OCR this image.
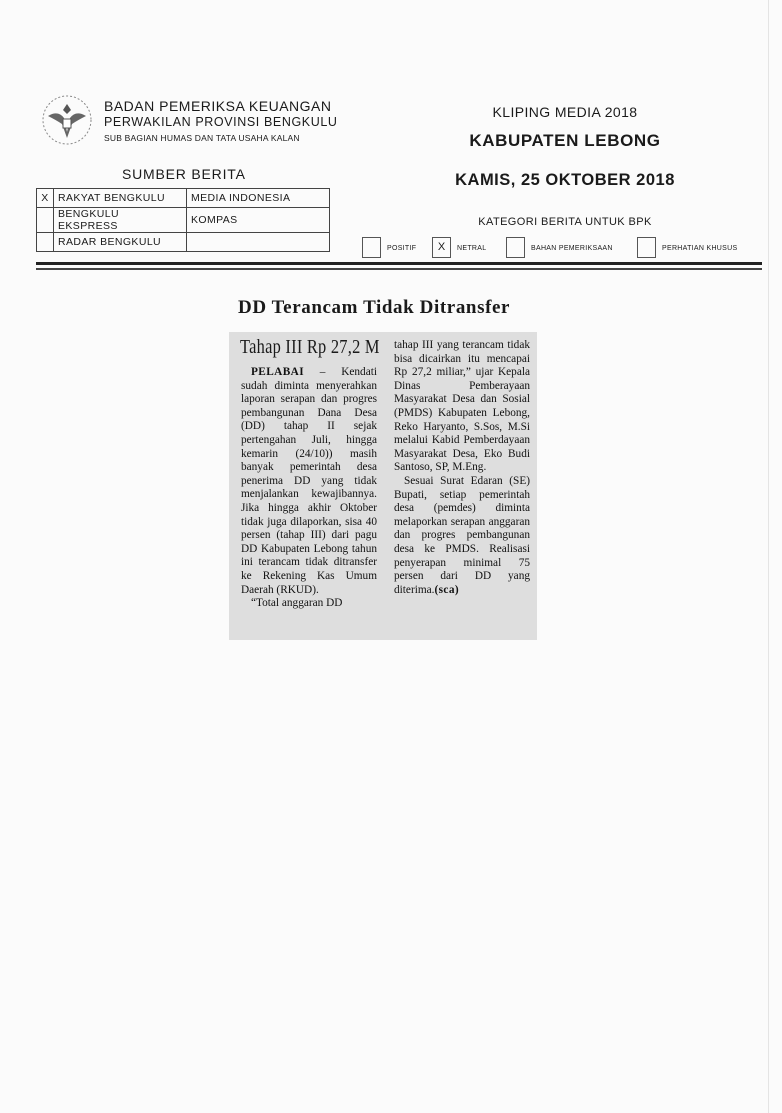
BADAN PEMERIKSA KEUANGAN
PERWAKILAN PROVINSI BENGKULU
SUB BAGIAN HUMAS DAN TATA USAHA KALAN
KLIPING MEDIA 2018
KABUPATEN LEBONG
KAMIS, 25 OKTOBER 2018
KATEGORI BERITA UNTUK BPK
SUMBER BERITA
X	RAKYAT BENGKULU	MEDIA INDONESIA
	BENGKULU EKSPRESS	KOMPAS
	RADAR BENGKULU	
POSITIF	X	NETRAL	BAHAN PEMERIKSAAN	PERHATIAN KHUSUS
DD Terancam Tidak Ditransfer
Tahap III Rp 27,2 M

PELABAI – Kendati sudah diminta menyerahkan laporan serapan dan progres pembangunan Dana Desa (DD) tahap II sejak pertengahan Juli, hingga kemarin (24/10)) masih banyak pemerintah desa penerima DD yang tidak menjalankan kewajibannya. Jika hingga akhir Oktober tidak juga dilaporkan, sisa 40 persen (tahap III) dari pagu DD Kabupaten Lebong tahun ini terancam tidak ditransfer ke Rekening Kas Umum Daerah (RKUD).

“Total anggaran DD

tahap III yang terancam tidak bisa dicairkan itu mencapai Rp 27,2 miliar,” ujar Kepala Dinas Pemberayaan Masyarakat Desa dan Sosial (PMDS) Kabupaten Lebong, Reko Haryanto, S.Sos, M.Si melalui Kabid Pemberdayaan Masyarakat Desa, Eko Budi Santoso, SP, M.Eng.

Sesuai Surat Edaran (SE) Bupati, setiap pemerintah desa (pemdes) diminta melaporkan serapan anggaran dan progres pembangunan desa ke PMDS. Realisasi penyerapan minimal 75 persen dari DD yang diterima.(sca)
